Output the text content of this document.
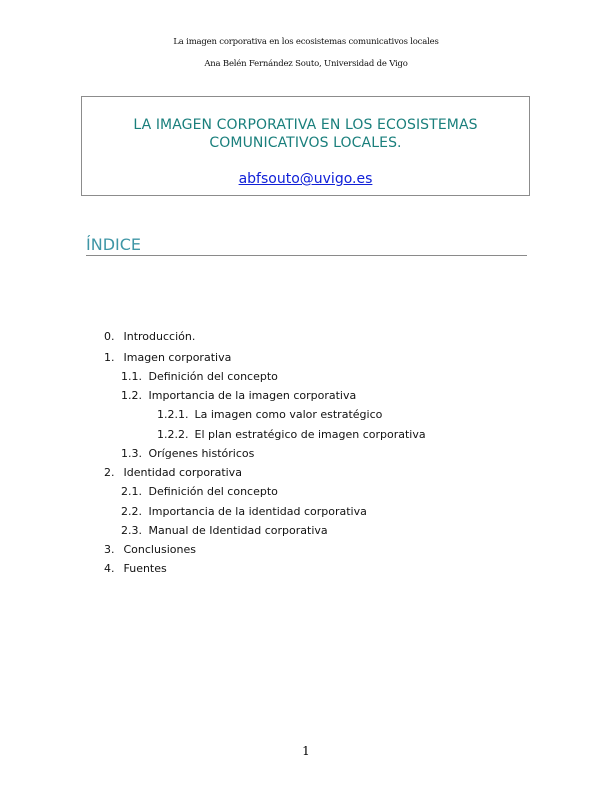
La imagen corporativa en los ecosistemas comunicativos locales
Ana Belén Fernández Souto, Universidad de Vigo
LA IMAGEN CORPORATIVA EN LOS ECOSISTEMAS
COMUNICATIVOS LOCALES.
abfsouto@uvigo.es
ÍNDICE
0. Introducción.
1. Imagen corporativa
1.1. Definición del concepto
1.2. Importancia de la imagen corporativa
1.2.1. La imagen como valor estratégico
1.2.2. El plan estratégico de imagen corporativa
1.3. Orígenes históricos
2. Identidad corporativa
2.1. Definición del concepto
2.2. Importancia de la identidad corporativa
2.3. Manual de Identidad corporativa
3. Conclusiones
4. Fuentes
1
